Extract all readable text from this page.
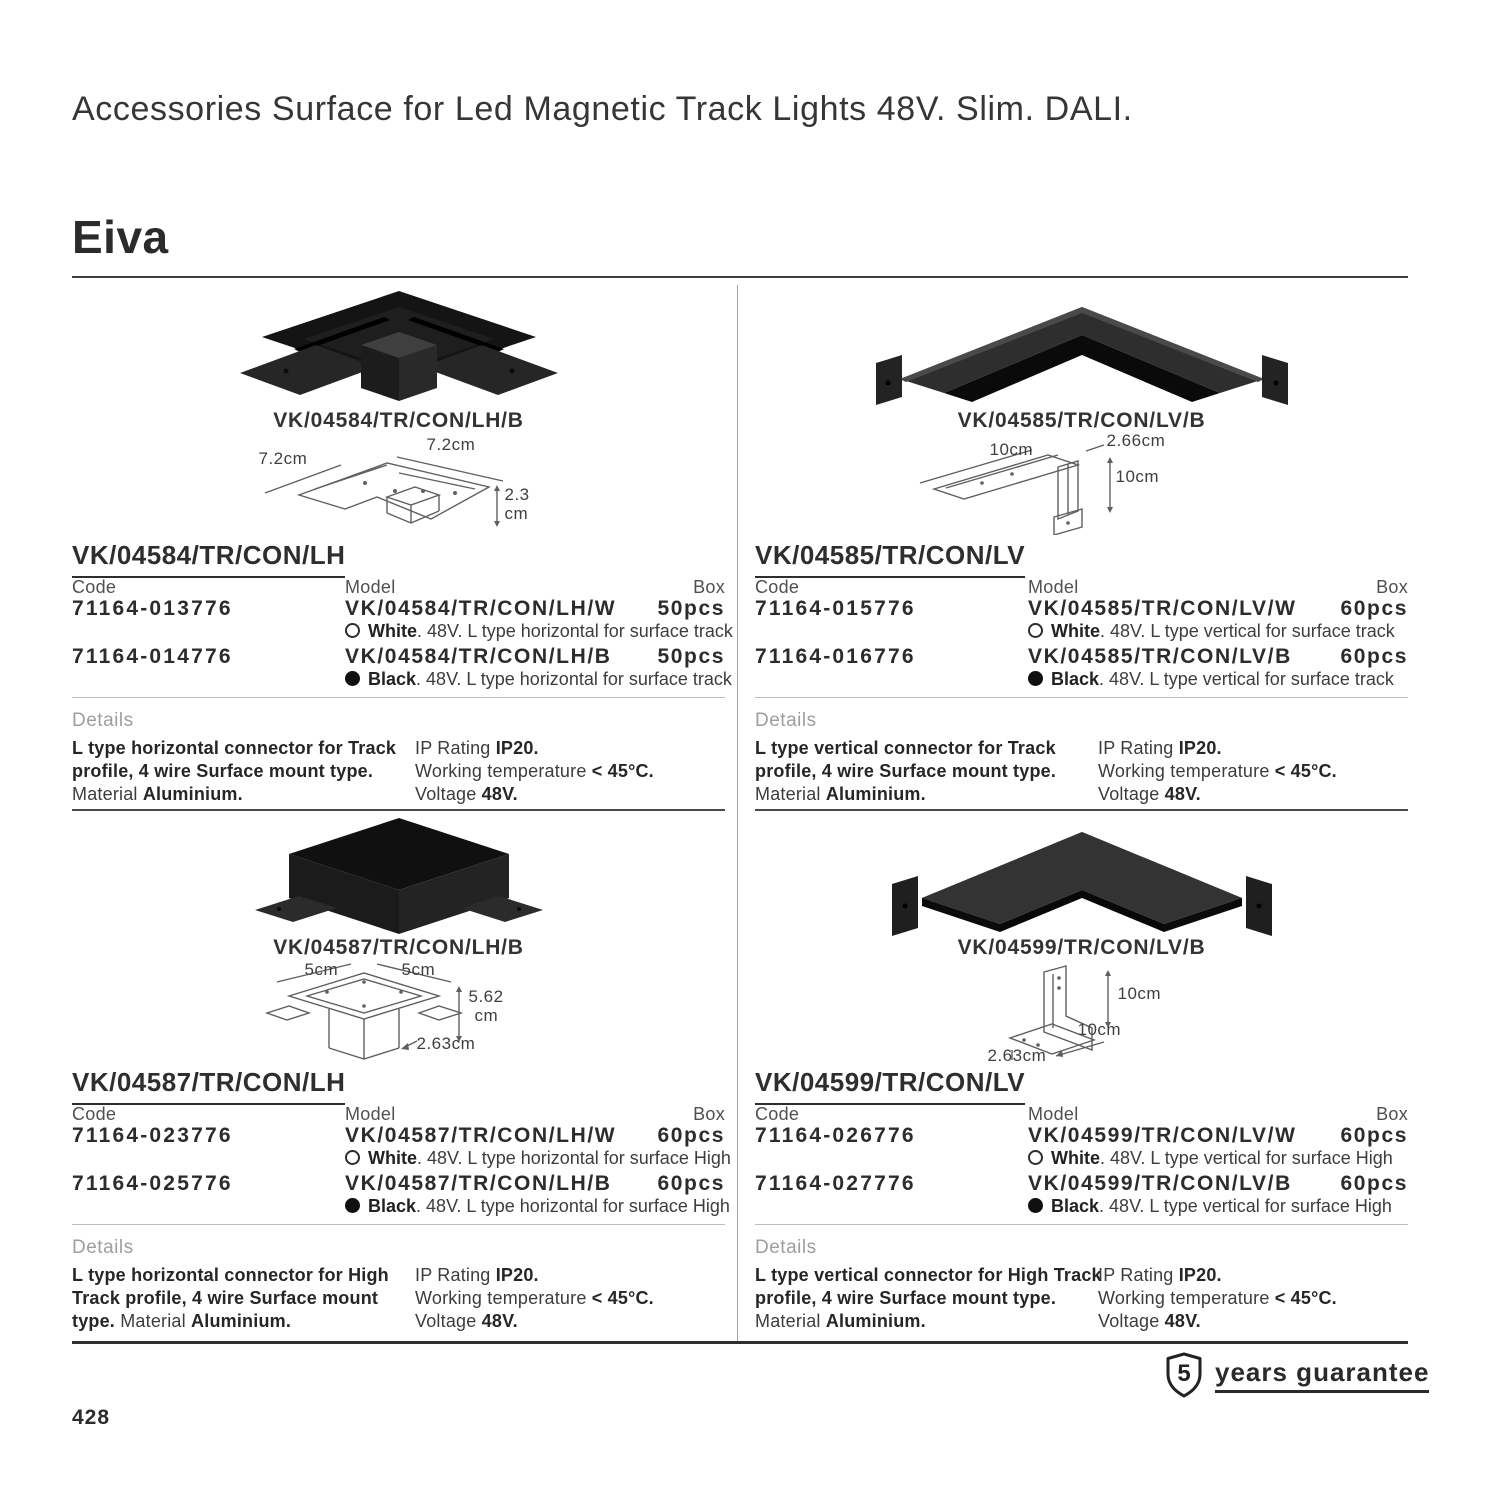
Accessories Surface for Led Magnetic Track Lights 48V. Slim. DALI.
Eiva
VK/04584/TR/CON/LH/B
7.2cm
7.2cm
2.3
cm
VK/04584/TR/CON/LH
Code	Model	Box
71164-013776	VK/04584/TR/CON/LH/W 50pcs
White. 48V. L type horizontal for surface track
71164-014776	VK/04584/TR/CON/LH/B 50pcs
Black. 48V. L type horizontal for surface track
Details

L type horizontal connector for Track profile, 4 wire Surface mount type. Material Aluminium.

IP Rating IP20.
Working temperature < 45°C.
Voltage 48V.

VK/04585/TR/CON/LV/B
10cm	2.66cm
10cm
VK/04585/TR/CON/LV
Code	Model	Box
71164-015776	VK/04585/TR/CON/LV/W 60pcs
White. 48V. L type vertical for surface track
71164-016776	VK/04585/TR/CON/LV/B 60pcs
Black. 48V. L type vertical for surface track
Details

L type vertical connector for Track profile, 4 wire Surface mount type. Material Aluminium.

IP Rating IP20.
Working temperature < 45°C.
Voltage 48V.

VK/04587/TR/CON/LH/B
5cm	5cm
5.62
cm
2.63cm
VK/04587/TR/CON/LH
Code	Model	Box
71164-023776	VK/04587/TR/CON/LH/W 60pcs
White. 48V. L type horizontal for surface High
71164-025776	VK/04587/TR/CON/LH/B 60pcs
Black. 48V. L type horizontal for surface High
Details

L type horizontal connector for High Track profile, 4 wire Surface mount type. Material Aluminium.

IP Rating IP20.
Working temperature < 45°C.
Voltage 48V.

VK/04599/TR/CON/LV/B
10cm
10cm
2.63cm
VK/04599/TR/CON/LV
Code	Model	Box
71164-026776	VK/04599/TR/CON/LV/W 60pcs
White. 48V. L type vertical for surface High
71164-027776	VK/04599/TR/CON/LV/B 60pcs
Black. 48V. L type vertical for surface High
Details

L type vertical connector for High Track profile, 4 wire Surface mount type. Material Aluminium.

IP Rating IP20.
Working temperature < 45°C.
Voltage 48V.

5 years guarantee
428
